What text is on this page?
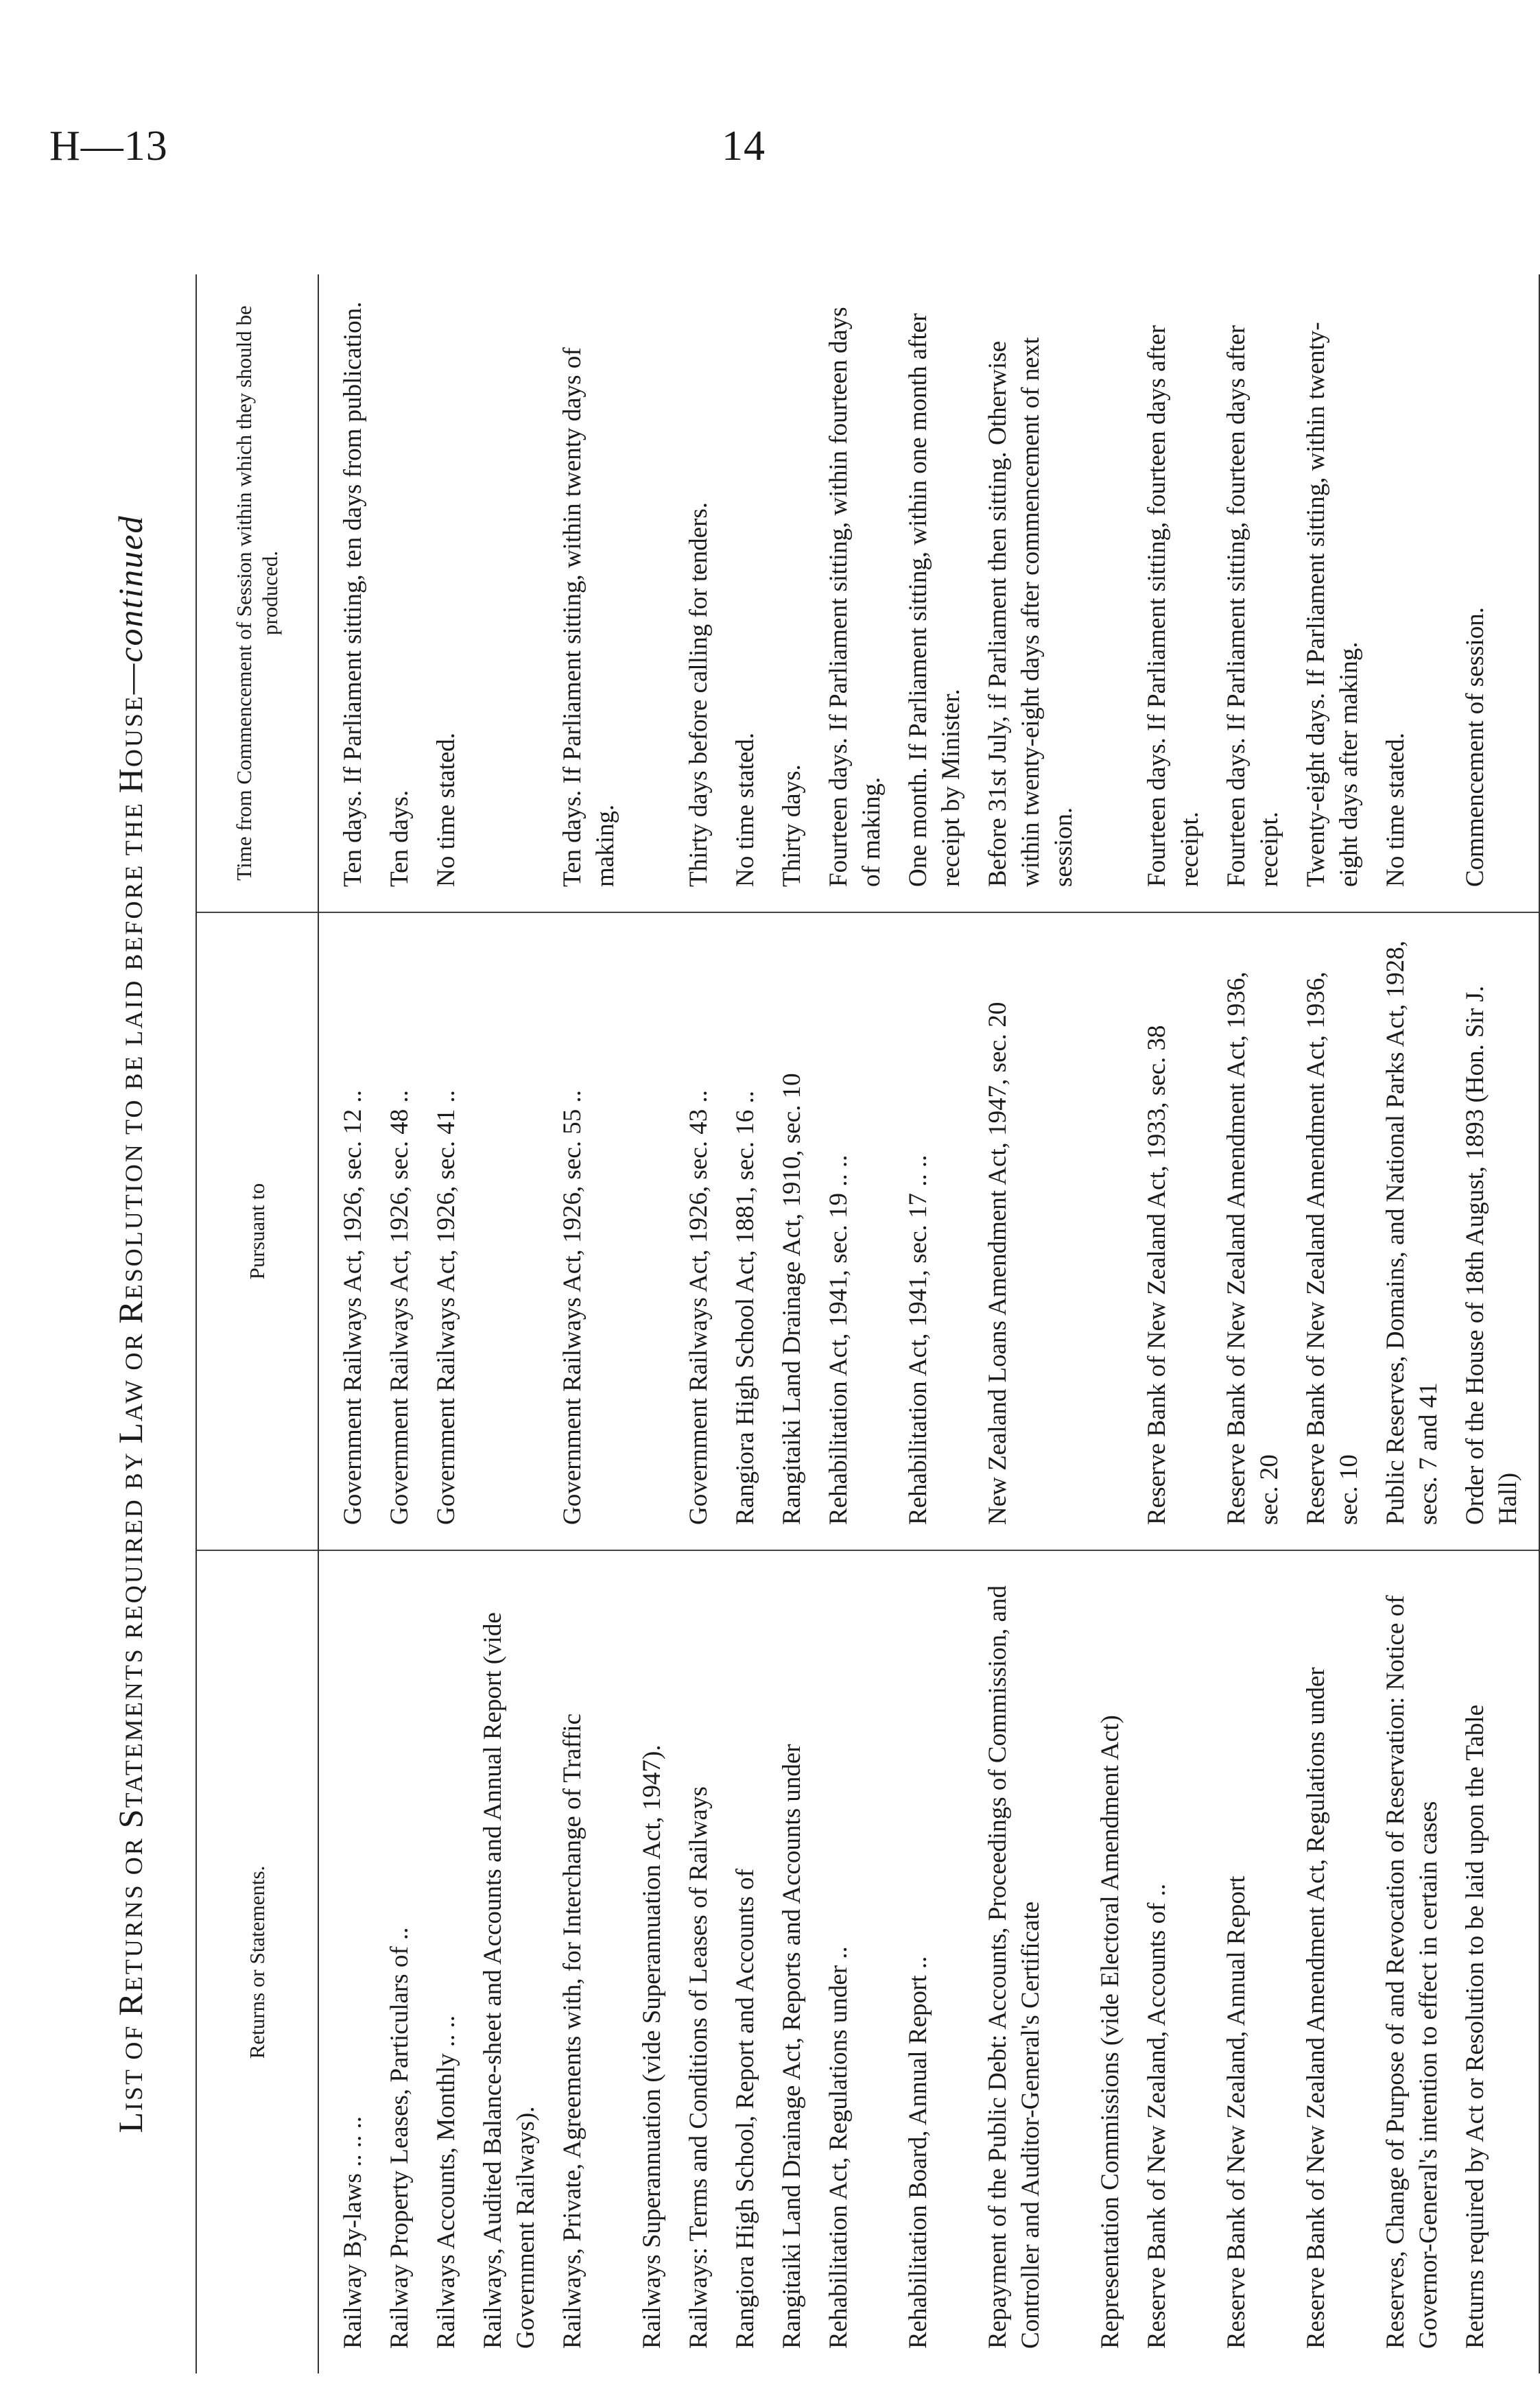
H—13	14
LIST OF RETURNS OR STATEMENTS REQUIRED BY LAW OR RESOLUTION TO BE LAID BEFORE THE HOUSE—continued
Returns or Statements.	Pursuant to	Time from Commencement of Session within which they should be produced.
Railway By-laws .. .. ..	Government Railways Act, 1926, sec. 12 ..	Ten days. If Parliament sitting, ten days from publication.
Railway Property Leases, Particulars of ..	Government Railways Act, 1926, sec. 48 ..	Ten days.
Railways Accounts, Monthly .. ..	Government Railways Act, 1926, sec. 41 ..	No time stated.
Railways, Audited Balance-sheet and Accounts and Annual Report (vide Government Railways).		
Railways, Private, Agreements with, for Interchange of Traffic	Government Railways Act, 1926, sec. 55 ..	Ten days. If Parliament sitting, within twenty days of making.
Railways Superannuation (vide Superannuation Act, 1947).		
Railways: Terms and Conditions of Leases of Railways	Government Railways Act, 1926, sec. 43 ..	Thirty days before calling for tenders.
Rangiora High School, Report and Accounts of	Rangiora High School Act, 1881, sec. 16 ..	No time stated.
Rangitaiki Land Drainage Act, Reports and Accounts under	Rangitaiki Land Drainage Act, 1910, sec. 10	Thirty days.
Rehabilitation Act, Regulations under ..	Rehabilitation Act, 1941, sec. 19 .. ..	Fourteen days. If Parliament sitting, within fourteen days of making.
Rehabilitation Board, Annual Report ..	Rehabilitation Act, 1941, sec. 17 .. ..	One month. If Parliament sitting, within one month after receipt by Minister.
Repayment of the Public Debt: Accounts, Proceedings of Commission, and Controller and Auditor-General's Certificate	New Zealand Loans Amendment Act, 1947, sec. 20	Before 31st July, if Parliament then sitting. Otherwise within twenty-eight days after commencement of next session.
Representation Commissions (vide Electoral Amendment Act)		
Reserve Bank of New Zealand, Accounts of ..	Reserve Bank of New Zealand Act, 1933, sec. 38	Fourteen days. If Parliament sitting, fourteen days after receipt.
Reserve Bank of New Zealand, Annual Report	Reserve Bank of New Zealand Amendment Act, 1936, sec. 20	Fourteen days. If Parliament sitting, fourteen days after receipt.
Reserve Bank of New Zealand Amendment Act, Regulations under	Reserve Bank of New Zealand Amendment Act, 1936, sec. 10	Twenty-eight days. If Parliament sitting, within twenty-eight days after making.
Reserves, Change of Purpose of and Revocation of Reservation: Notice of Governor-General's intention to effect in certain cases	Public Reserves, Domains, and National Parks Act, 1928, secs. 7 and 41	No time stated.
Returns required by Act or Resolution to be laid upon the Table	Order of the House of 18th August, 1893 (Hon. Sir J. Hall)	Commencement of session.
